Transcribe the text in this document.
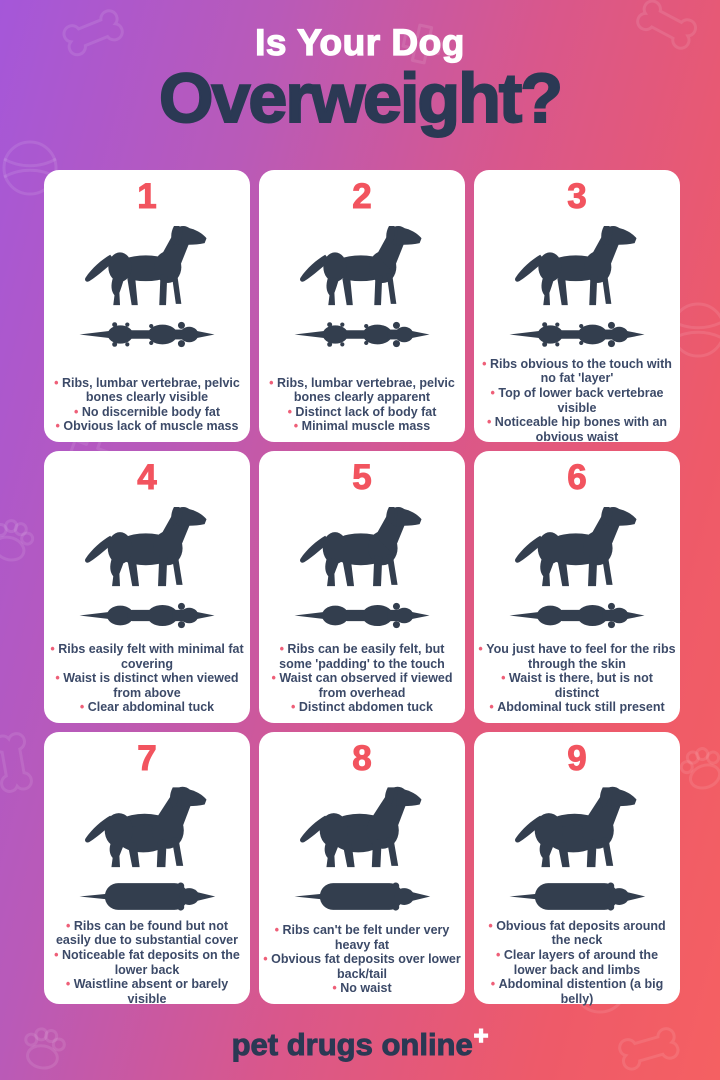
Is Your Dog
Overweight?
1
• Ribs, lumbar vertebrae, pelvic bones clearly visible
• No discernible body fat
• Obvious lack of muscle mass
2
• Ribs, lumbar vertebrae, pelvic bones clearly apparent
• Distinct lack of body fat
• Minimal muscle mass
3
• Ribs obvious to the touch with no fat 'layer'
• Top of lower back vertebrae visible
• Noticeable hip bones with an obvious waist
4
• Ribs easily felt with minimal fat covering
• Waist is distinct when viewed from above
• Clear abdominal tuck
5
• Ribs can be easily felt, but some 'padding' to the touch
• Waist can observed if viewed from overhead
• Distinct abdomen tuck
6
• You just have to feel for the ribs through the skin
• Waist is there, but is not distinct
• Abdominal tuck still present
7
• Ribs can be found but not easily due to substantial cover
• Noticeable fat deposits on the lower back
• Waistline absent or barely visible
8
• Ribs can't be felt under very heavy fat
• Obvious fat deposits over lower back/tail
• No waist
9
• Obvious fat deposits around the neck
• Clear layers of around the lower back and limbs
• Abdominal distention (a big belly)
pet drugs online+
